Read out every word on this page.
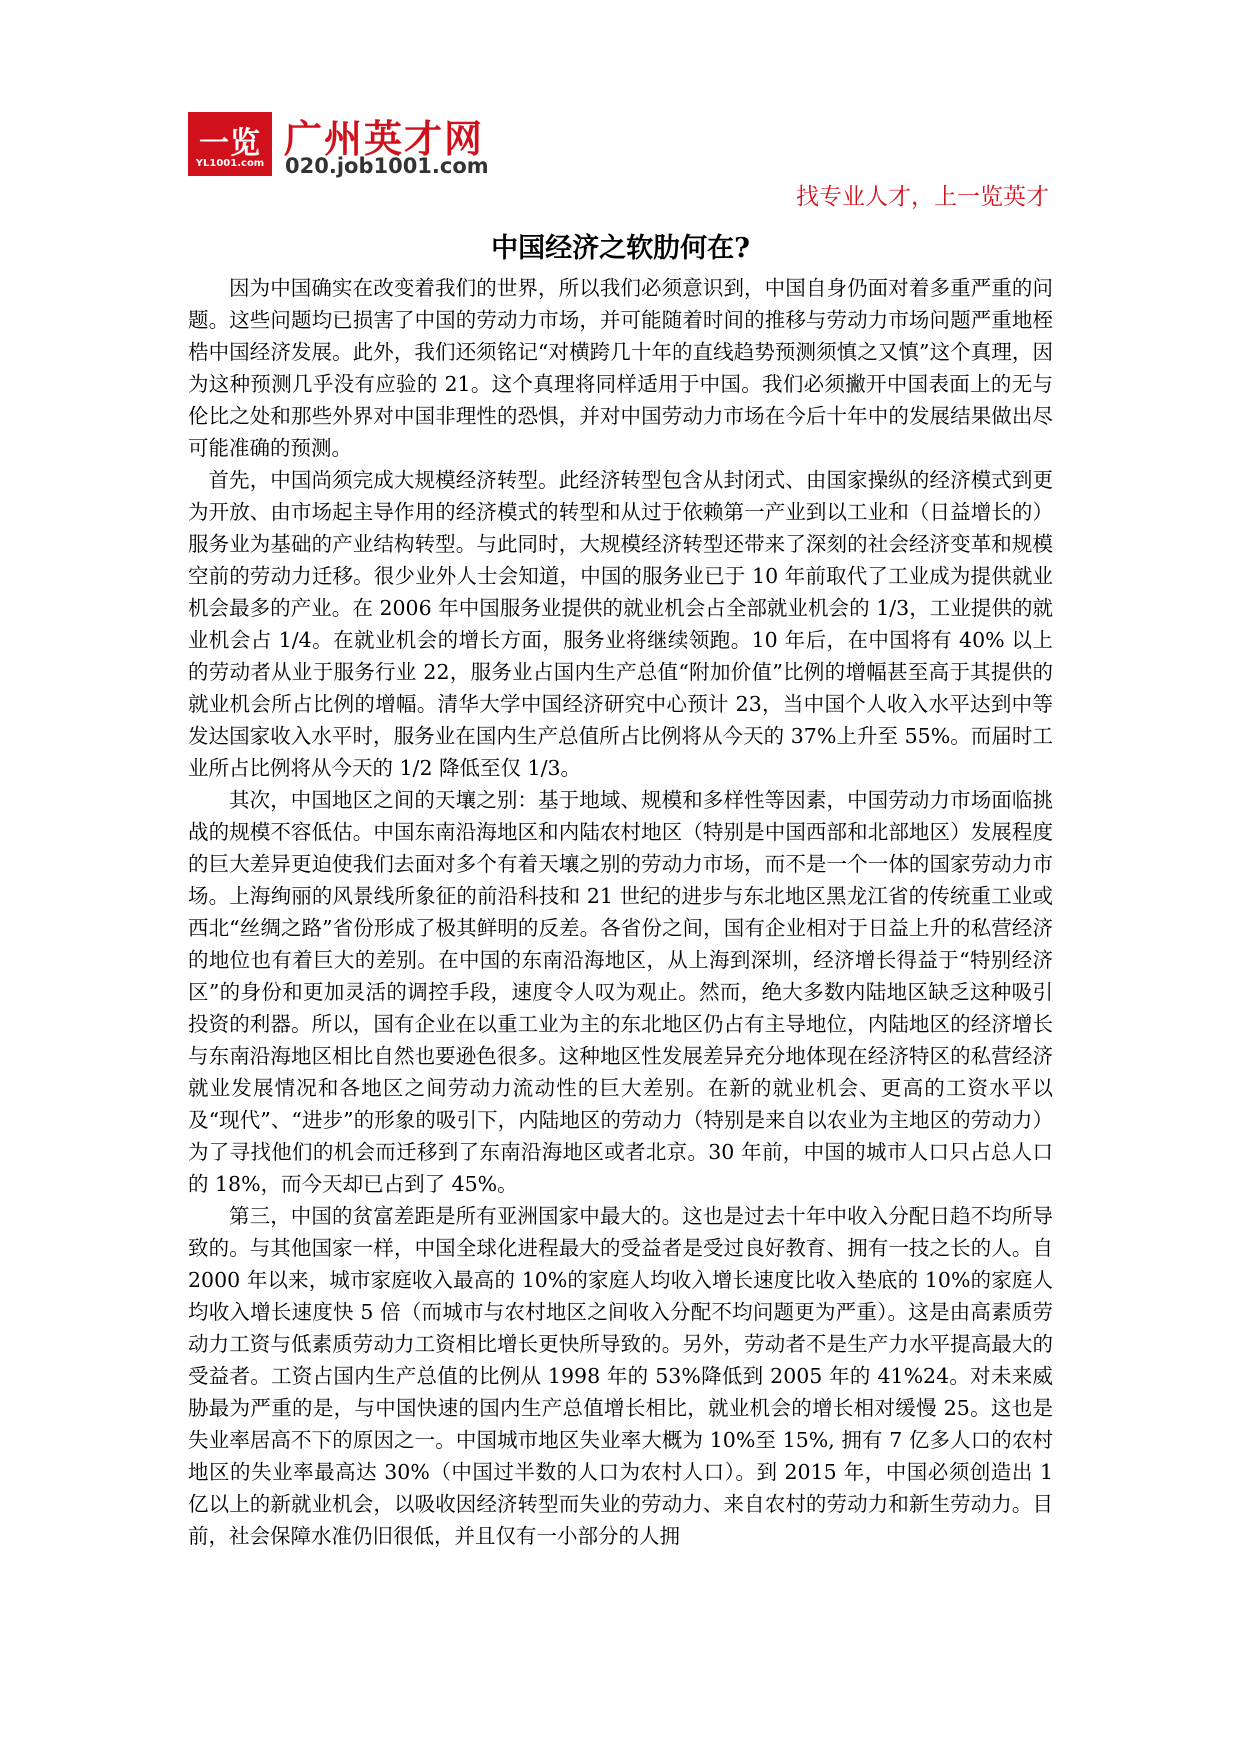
一览
YL1001.com
广州英才网
020.job1001.com
找专业人才，上一览英才
中国经济之软肋何在?

因为中国确实在改变着我们的世界，所以我们必须意识到，中国自身仍面对着多重严重的问题。这些问题均已损害了中国的劳动力市场，并可能随着时间的推移与劳动力市场问题严重地桎梏中国经济发展。此外，我们还须铭记“对横跨几十年的直线趋势预测须慎之又慎”这个真理，因为这种预测几乎没有应验的 21。这个真理将同样适用于中国。我们必须撇开中国表面上的无与伦比之处和那些外界对中国非理性的恐惧，并对中国劳动力市场在今后十年中的发展结果做出尽可能准确的预测。

首先，中国尚须完成大规模经济转型。此经济转型包含从封闭式、由国家操纵的经济模式到更为开放、由市场起主导作用的经济模式的转型和从过于依赖第一产业到以工业和（日益增长的）服务业为基础的产业结构转型。与此同时，大规模经济转型还带来了深刻的社会经济变革和规模空前的劳动力迁移。很少业外人士会知道，中国的服务业已于 10 年前取代了工业成为提供就业机会最多的产业。在 2006 年中国服务业提供的就业机会占全部就业机会的 1/3，工业提供的就业机会占 1/4。在就业机会的增长方面，服务业将继续领跑。10 年后，在中国将有 40% 以上的劳动者从业于服务行业 22，服务业占国内生产总值“附加价值”比例的增幅甚至高于其提供的就业机会所占比例的增幅。清华大学中国经济研究中心预计 23，当中国个人收入水平达到中等发达国家收入水平时，服务业在国内生产总值所占比例将从今天的 37%上升至 55%。而届时工业所占比例将从今天的 1/2 降低至仅 1/3。

其次，中国地区之间的天壤之别：基于地域、规模和多样性等因素，中国劳动力市场面临挑战的规模不容低估。中国东南沿海地区和内陆农村地区（特别是中国西部和北部地区）发展程度的巨大差异更迫使我们去面对多个有着天壤之别的劳动力市场，而不是一个一体的国家劳动力市场。上海绚丽的风景线所象征的前沿科技和 21 世纪的进步与东北地区黑龙江省的传统重工业或西北“丝绸之路”省份形成了极其鲜明的反差。各省份之间，国有企业相对于日益上升的私营经济的地位也有着巨大的差别。在中国的东南沿海地区，从上海到深圳，经济增长得益于“特别经济区”的身份和更加灵活的调控手段，速度令人叹为观止。然而，绝大多数内陆地区缺乏这种吸引投资的利器。所以，国有企业在以重工业为主的东北地区仍占有主导地位，内陆地区的经济增长与东南沿海地区相比自然也要逊色很多。这种地区性发展差异充分地体现在经济特区的私营经济就业发展情况和各地区之间劳动力流动性的巨大差别。在新的就业机会、更高的工资水平以及“现代”、“进步”的形象的吸引下，内陆地区的劳动力（特别是来自以农业为主地区的劳动力）为了寻找他们的机会而迁移到了东南沿海地区或者北京。30 年前，中国的城市人口只占总人口的 18%，而今天却已占到了 45%。

第三，中国的贫富差距是所有亚洲国家中最大的。这也是过去十年中收入分配日趋不均所导致的。与其他国家一样，中国全球化进程最大的受益者是受过良好教育、拥有一技之长的人。自 2000 年以来，城市家庭收入最高的 10%的家庭人均收入增长速度比收入垫底的 10%的家庭人均收入增长速度快 5 倍（而城市与农村地区之间收入分配不均问题更为严重）。这是由高素质劳动力工资与低素质劳动力工资相比增长更快所导致的。另外，劳动者不是生产力水平提高最大的受益者。工资占国内生产总值的比例从 1998 年的 53%降低到 2005 年的 41%24。对未来威胁最为严重的是，与中国快速的国内生产总值增长相比，就业机会的增长相对缓慢 25。这也是失业率居高不下的原因之一。中国城市地区失业率大概为 10%至 15%, 拥有 7 亿多人口的农村地区的失业率最高达 30%（中国过半数的人口为农村人口）。到 2015 年，中国必须创造出 1 亿以上的新就业机会，以吸收因经济转型而失业的劳动力、来自农村的劳动力和新生劳动力。目前，社会保障水准仍旧很低，并且仅有一小部分的人拥
